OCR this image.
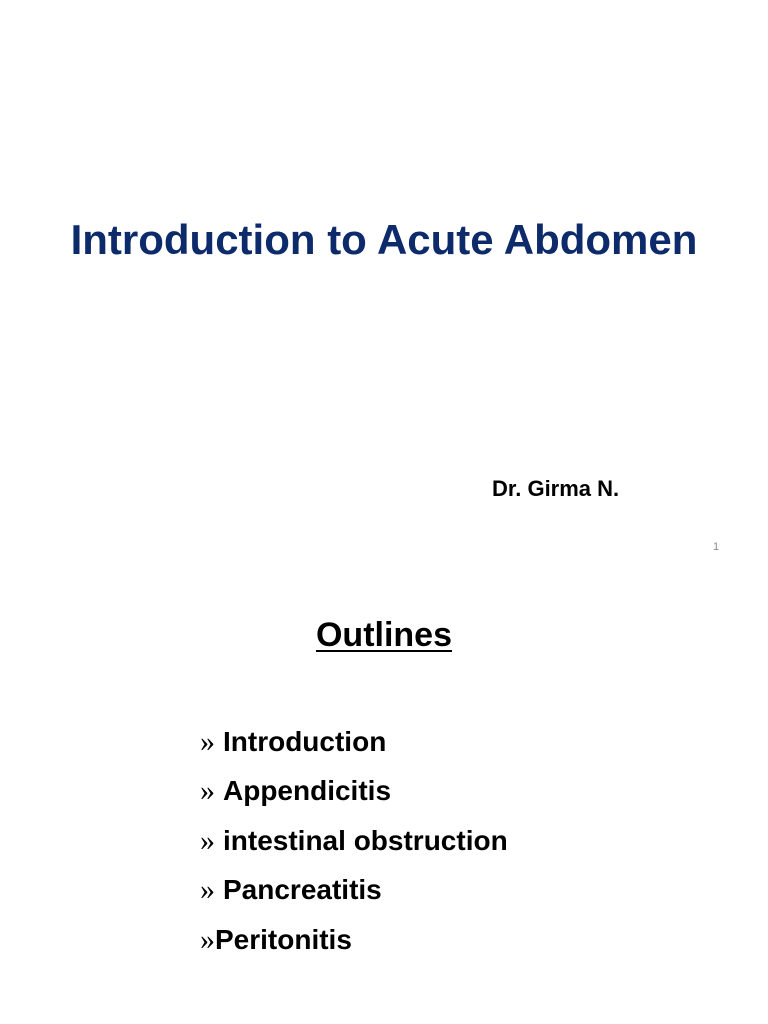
Introduction to Acute Abdomen
Dr. Girma N.
1
Outlines
» Introduction
» Appendicitis
» intestinal obstruction
» Pancreatitis
» Peritonitis
